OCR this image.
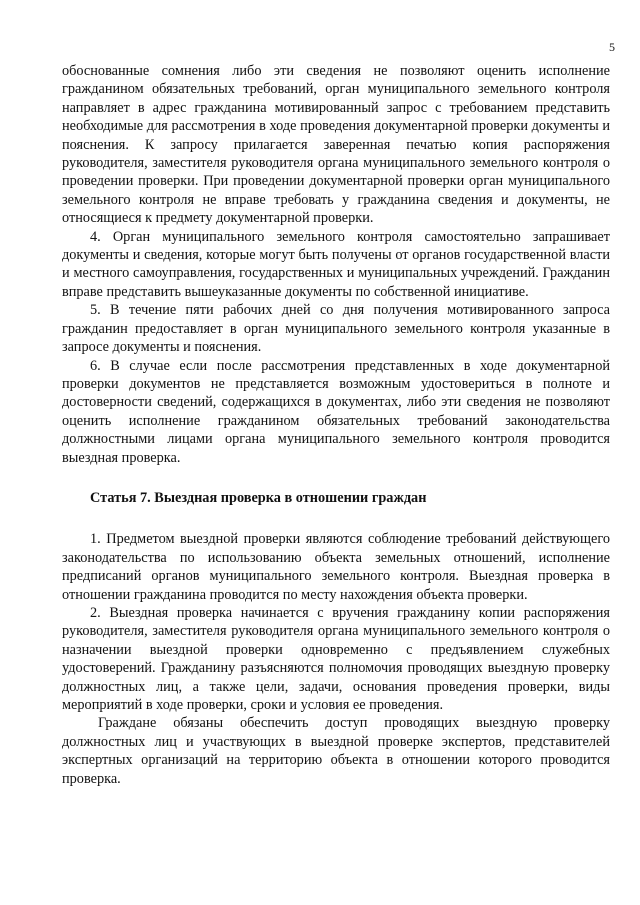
5

обоснованные сомнения либо эти сведения не позволяют оценить исполнение гражданином обязательных требований, орган муниципального земельного контроля направляет в адрес гражданина мотивированный запрос с требованием представить необходимые для рассмотрения в ходе проведения документарной проверки документы и пояснения. К запросу прилагается заверенная печатью копия распоряжения руководителя, заместителя руководителя органа муниципального земельного контроля о проведении проверки. При проведении документарной проверки орган муниципального земельного контроля не вправе требовать у гражданина сведения и документы, не относящиеся к предмету документарной проверки.

4. Орган муниципального земельного контроля самостоятельно запрашивает документы и сведения, которые могут быть получены от органов государственной власти и местного самоуправления, государственных и муниципальных учреждений. Гражданин вправе представить вышеуказанные документы по собственной инициативе.

5. В течение пяти рабочих дней со дня получения мотивированного запроса гражданин предоставляет в орган муниципального земельного контроля указанные в запросе документы и пояснения.

6. В случае если после рассмотрения представленных в ходе документарной проверки документов не представляется возможным удостовериться в полноте и достоверности сведений, содержащихся в документах, либо эти сведения не позволяют оценить исполнение гражданином обязательных требований законодательства должностными лицами органа муниципального земельного контроля проводится выездная проверка.

Статья 7. Выездная проверка в отношении граждан

1. Предметом выездной проверки являются соблюдение требований действующего законодательства по использованию объекта земельных отношений, исполнение предписаний органов муниципального земельного контроля. Выездная проверка в отношении гражданина проводится по месту нахождения объекта проверки.

2. Выездная проверка начинается с вручения гражданину копии распоряжения руководителя, заместителя руководителя органа муниципального земельного контроля о назначении выездной проверки одновременно с предъявлением служебных удостоверений. Гражданину разъясняются полномочия проводящих выездную проверку должностных лиц, а также цели, задачи, основания проведения проверки, виды мероприятий в ходе проверки, сроки и условия ее проведения.

Граждане обязаны обеспечить доступ проводящих выездную проверку должностных лиц и участвующих в выездной проверке экспертов, представителей экспертных организаций на территорию объекта в отношении которого проводится проверка.
